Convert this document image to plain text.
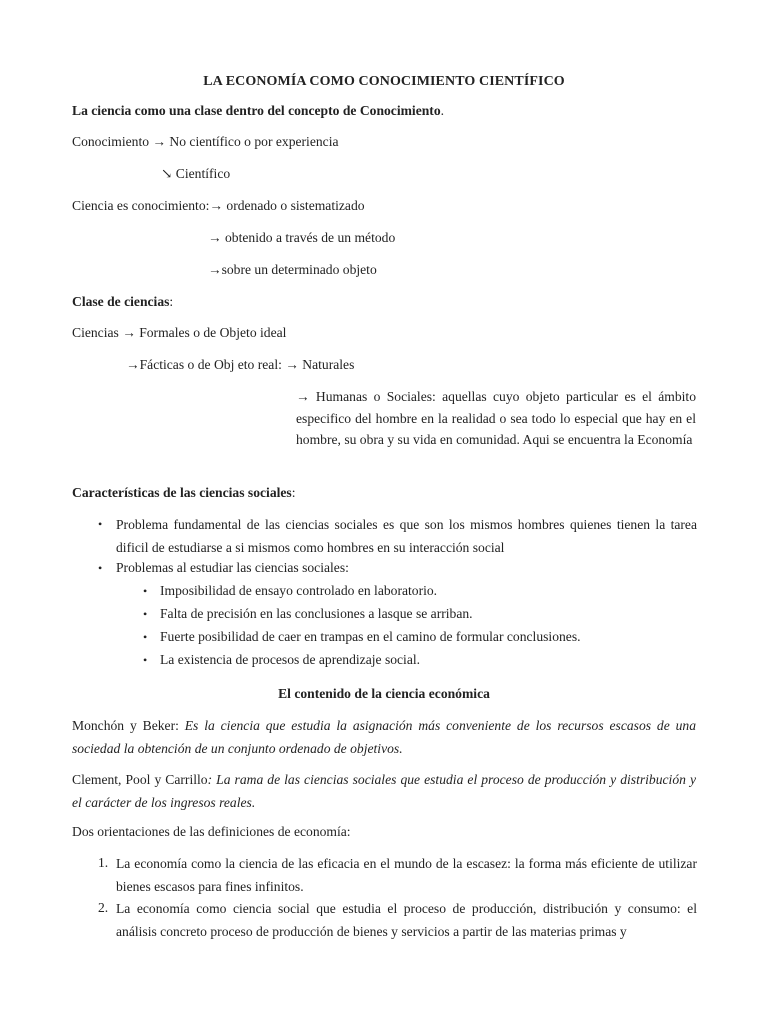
LA ECONOMÍA COMO CONOCIMIENTO CIENTÍFICO
La ciencia como una clase dentro del concepto de Conocimiento.
Conocimiento → No científico o por experiencia
↘ Científico
Ciencia es conocimiento:→ ordenado o sistematizado
→ obtenido a través de un método
→sobre un determinado objeto
Clase de ciencias:
Ciencias → Formales o de Objeto ideal
→Fácticas o de Obj eto real: → Naturales
→ Humanas o Sociales: aquellas cuyo objeto particular es el ámbito especifico del hombre en la realidad o sea todo lo especial que hay en el hombre, su obra y su vida en comunidad. Aqui se encuentra la Economía
Características de las ciencias sociales:
• Problema fundamental de las ciencias sociales es que son los mismos hombres quienes tienen la tarea dificil de estudiarse a si mismos como hombres en su interacción social
• Problemas al estudiar las ciencias sociales:
• Imposibilidad de ensayo controlado en laboratorio.
• Falta de precisión en las conclusiones a lasque se arriban.
• Fuerte posibilidad de caer en trampas en el camino de formular conclusiones.
• La existencia de procesos de aprendizaje social.
El contenido de la ciencia económica
Monchón y Beker: Es la ciencia que estudia la asignación más conveniente de los recursos escasos de una sociedad la obtención de un conjunto ordenado de objetivos.
Clement, Pool y Carrillo: La rama de las ciencias sociales que estudia el proceso de producción y distribución y el carácter de los ingresos reales.
Dos orientaciones de las definiciones de economía:
1. La economía como la ciencia de las eficacia en el mundo de la escasez: la forma más eficiente de utilizar bienes escasos para fines infinitos.
2. La economía como ciencia social que estudia el proceso de producción, distribución y consumo: el análisis concreto proceso de producción de bienes y servicios a partir de las materias primas y
